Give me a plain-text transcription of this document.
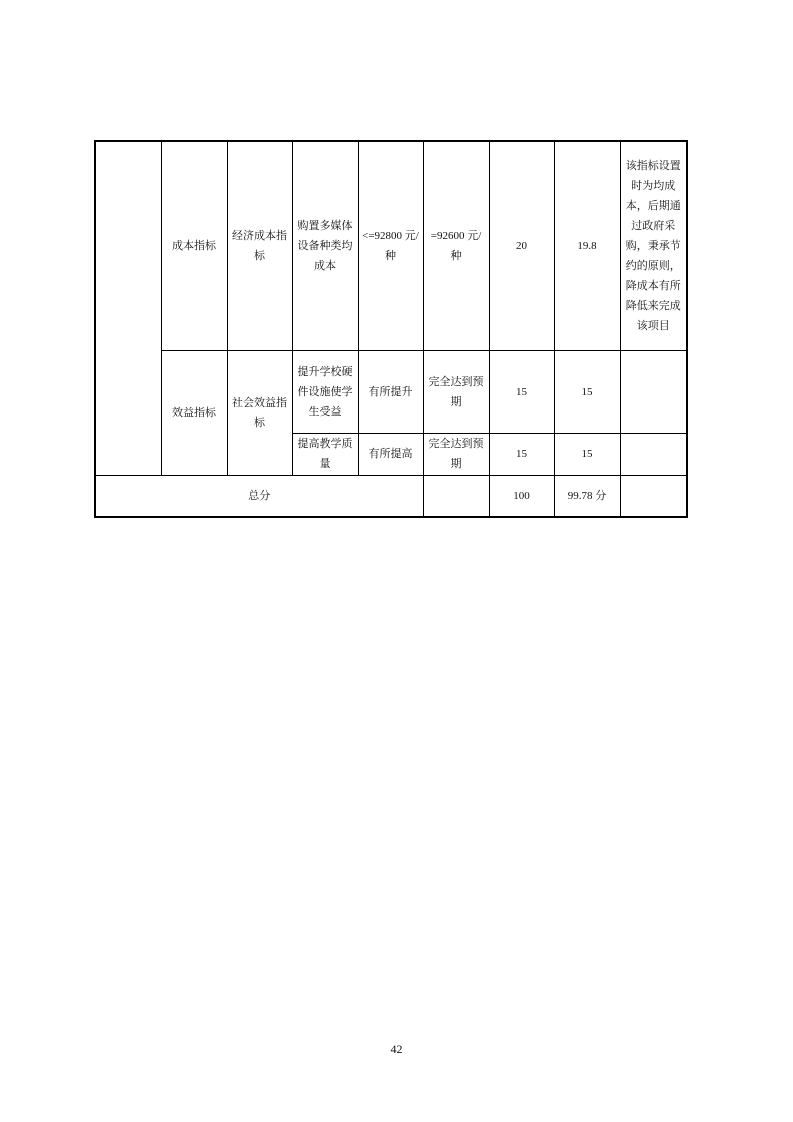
	成本指标	经济成本指标	购置多媒体设备种类均成本	<=92800 元/种	=92600 元/种	20	19.8	该指标设置时为均成本，后期通过政府采购，秉承节约的原则，降成本有所降低来完成该项目
	效益指标	社会效益指标	提升学校硬件设施使学生受益	有所提升	完全达到预期	15	15	
			提高教学质量	有所提高	完全达到预期	15	15	
总分						100	99.78 分	
42
